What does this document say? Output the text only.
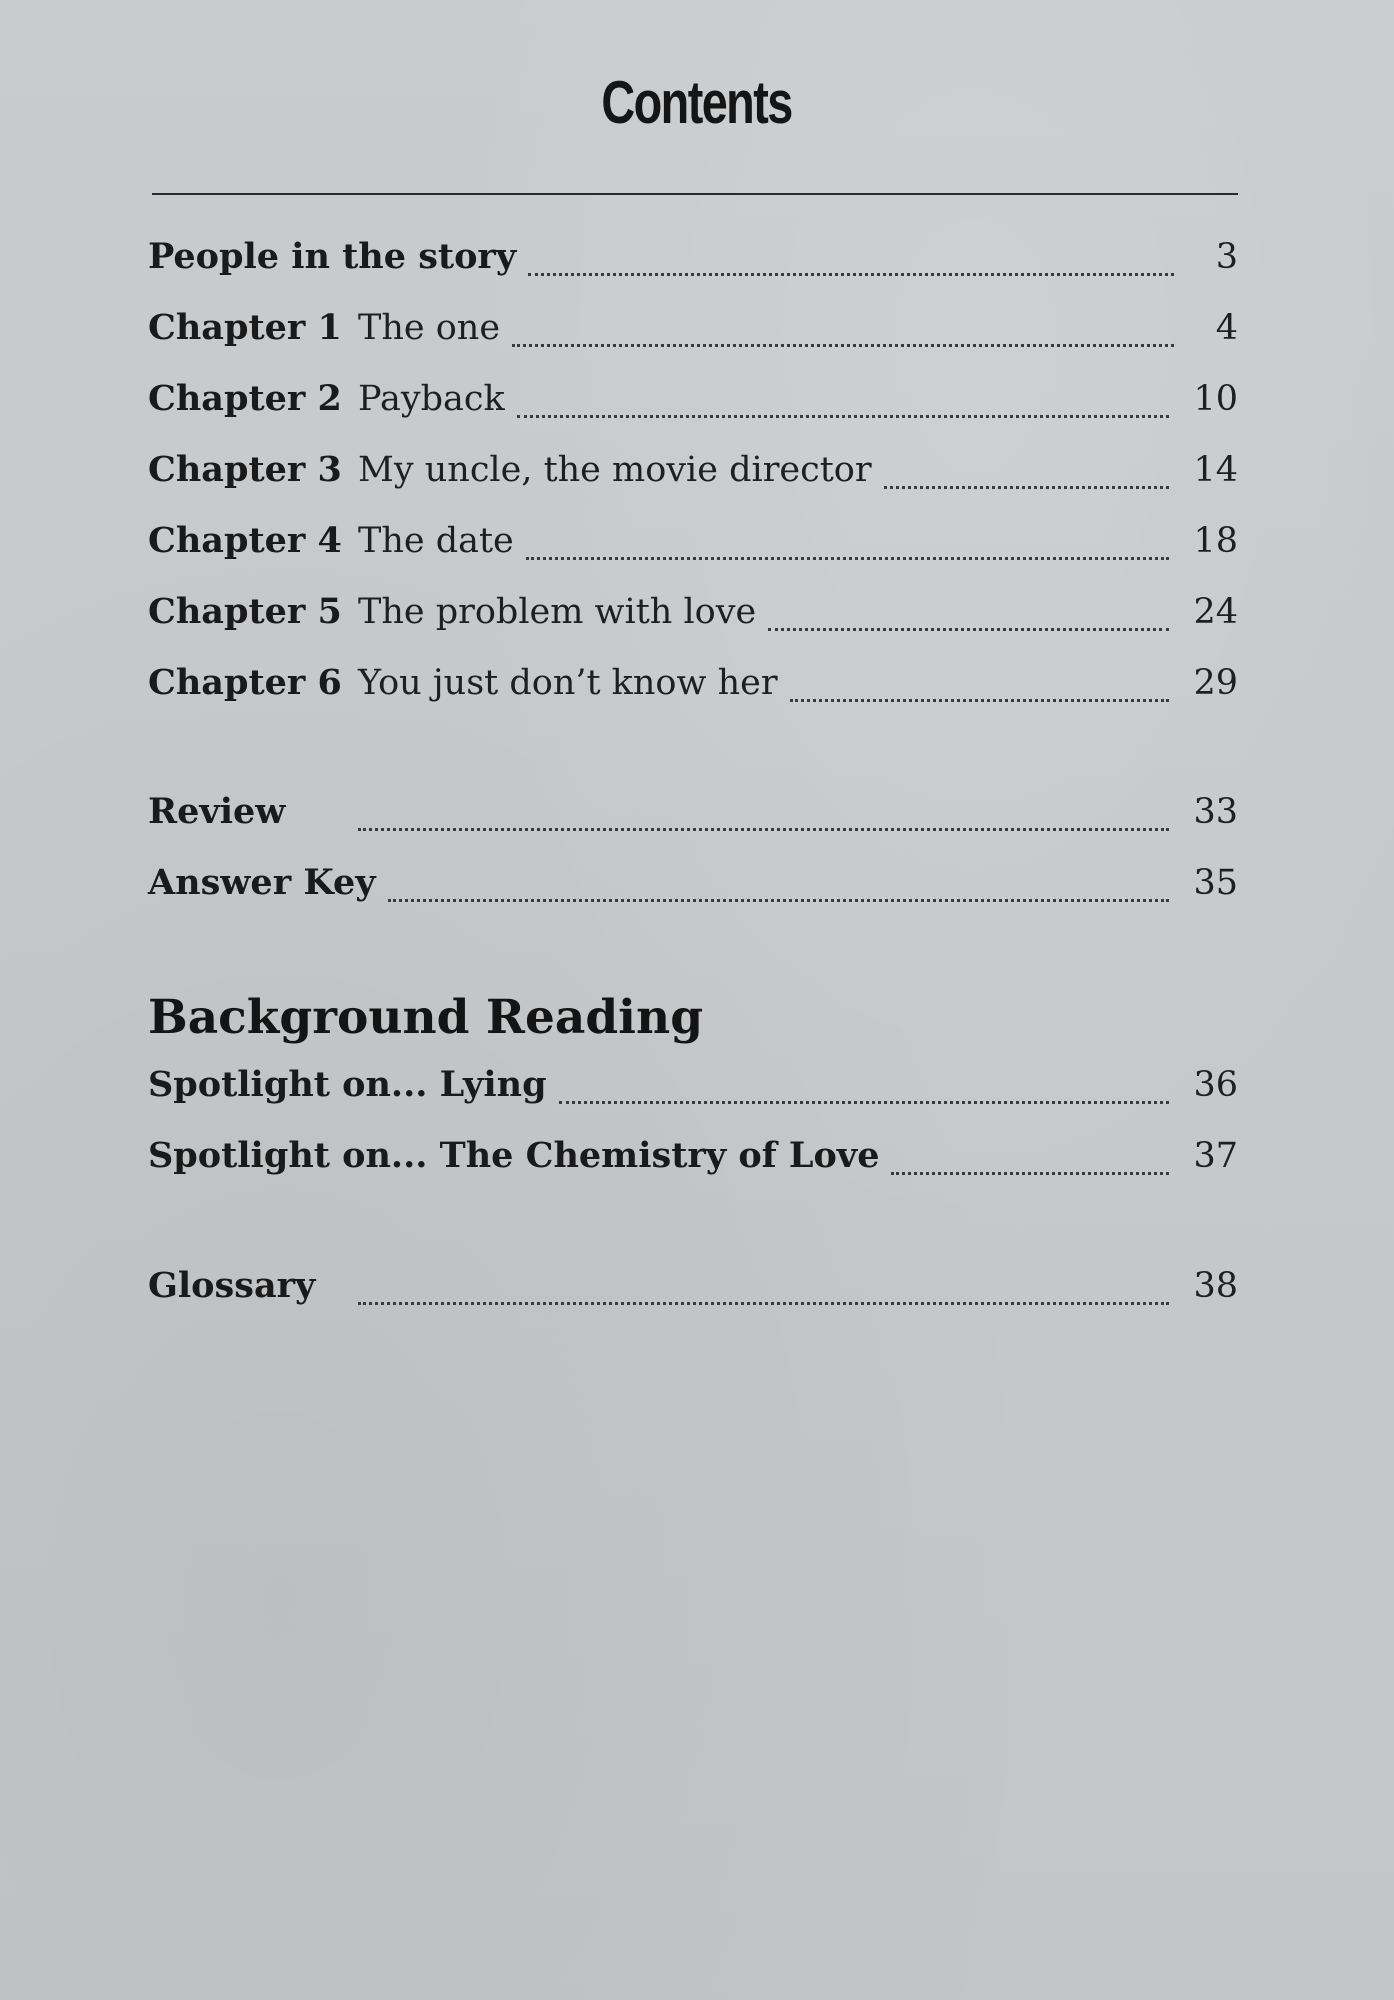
Contents
People in the story	3
Chapter 1 The one	4
Chapter 2 Payback	10
Chapter 3 My uncle, the movie director	14
Chapter 4 The date	18
Chapter 5 The problem with love	24
Chapter 6 You just don’t know her	29
Review	33
Answer Key	35
Background Reading
Spotlight on... Lying	36
Spotlight on... The Chemistry of Love	37
Glossary	38
